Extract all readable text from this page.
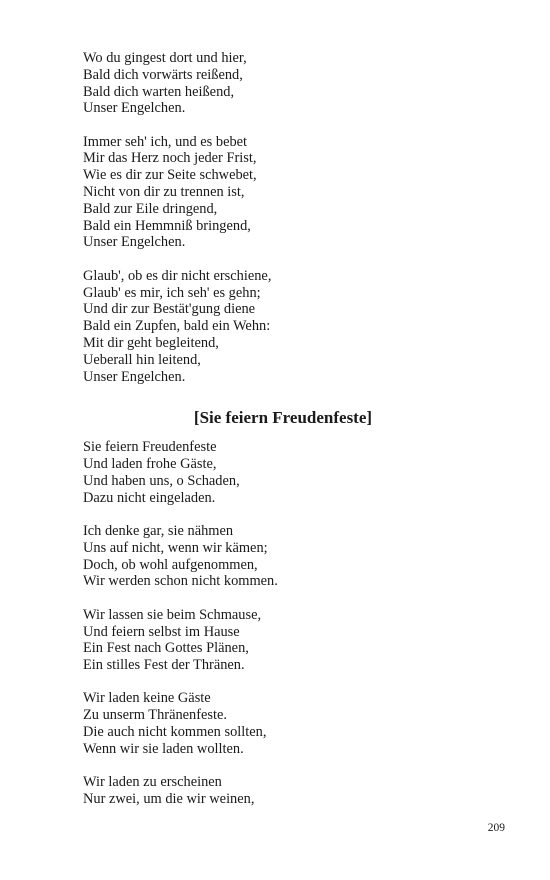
Wo du gingest dort und hier,
Bald dich vorwärts reißend,
Bald dich warten heißend,
Unser Engelchen.
Immer seh' ich, und es bebet
Mir das Herz noch jeder Frist,
Wie es dir zur Seite schwebet,
Nicht von dir zu trennen ist,
Bald zur Eile dringend,
Bald ein Hemmniß bringend,
Unser Engelchen.
Glaub', ob es dir nicht erschiene,
Glaub' es mir, ich seh' es gehn;
Und dir zur Bestät'gung diene
Bald ein Zupfen, bald ein Wehn:
Mit dir geht begleitend,
Ueberall hin leitend,
Unser Engelchen.
[Sie feiern Freudenfeste]
Sie feiern Freudenfeste
Und laden frohe Gäste,
Und haben uns, o Schaden,
Dazu nicht eingeladen.
Ich denke gar, sie nähmen
Uns auf nicht, wenn wir kämen;
Doch, ob wohl aufgenommen,
Wir werden schon nicht kommen.
Wir lassen sie beim Schmause,
Und feiern selbst im Hause
Ein Fest nach Gottes Plänen,
Ein stilles Fest der Thränen.
Wir laden keine Gäste
Zu unserm Thränenfeste.
Die auch nicht kommen sollten,
Wenn wir sie laden wollten.
Wir laden zu erscheinen
Nur zwei, um die wir weinen,
209
